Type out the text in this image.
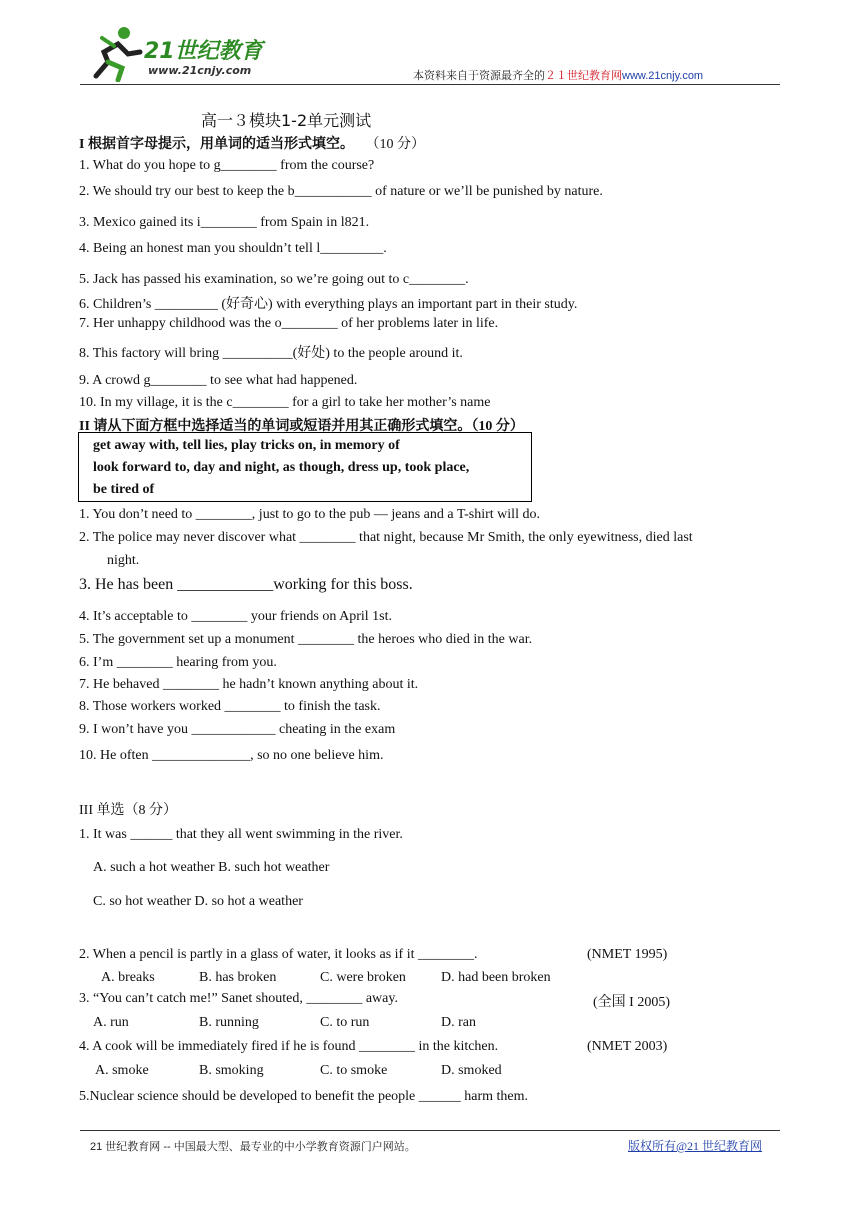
21世纪教育
www.21cnjy.com	本资料来自于资源最齐全的２１世纪教育网www.21cnjy.com
高一３模块1-2单元测试
I 根据首字母提示，用单词的适当形式填空。 （10 分）
1. What do you hope to g________ from the course?
2. We should try our best to keep the b___________ of nature or we’ll be punished by nature.
3. Mexico gained its i________ from Spain in l821.
4. Being an honest man you shouldn’t tell l_________.
5. Jack has passed his examination, so we’re going out to c________.
6. Children’s _________ (好奇心) with everything plays an important part in their study.
7. Her unhappy childhood was the o________ of her problems later in life.
8. This factory will bring __________(好处) to the people around it.
9. A crowd g________ to see what had happened.
10. In my village, it is the c________ for a girl to take her mother’s name
II 请从下面方框中选择适当的单词或短语并用其正确形式填空。（10 分）
get away with, tell lies, play tricks on, in memory of
look forward to, day and night, as though, dress up, took place,
be tired of
1. You don’t need to ________, just to go to the pub — jeans and a T-shirt will do.
2. The police may never discover what ________ that night, because Mr Smith, the only eyewitness, died last
night.
3. He has been ____________working for this boss.
4. It’s acceptable to ________ your friends on April 1st.
5. The government set up a monument ________ the heroes who died in the war.
6. I’m ________ hearing from you.
7. He behaved ________ he hadn’t known anything about it.
8. Those workers worked ________ to finish the task.
9. I won’t have you ____________ cheating in the exam
10. He often ______________, so no one believe him.
III 单选（8 分）
1. It was ______ that they all went swimming in the river.
A. such a hot weather B. such hot weather
C. so hot weather D. so hot a weather
2. When a pencil is partly in a glass of water, it looks as if it ________.	(NMET 1995)
A. breaks	B. has broken	C. were broken	D. had been broken
3. “You can’t catch me!” Sanet shouted, ________ away.	(全国 I 2005)
A. run	B. running	C. to run	D. ran
4. A cook will be immediately fired if he is found ________ in the kitchen.	(NMET 2003)
A. smoke	B. smoking	C. to smoke	D. smoked
5.Nuclear science should be developed to benefit the people ______ harm them.
21 世纪教育网 -- 中国最大型、最专业的中小学教育资源门户网站。	版权所有@21 世纪教育网
